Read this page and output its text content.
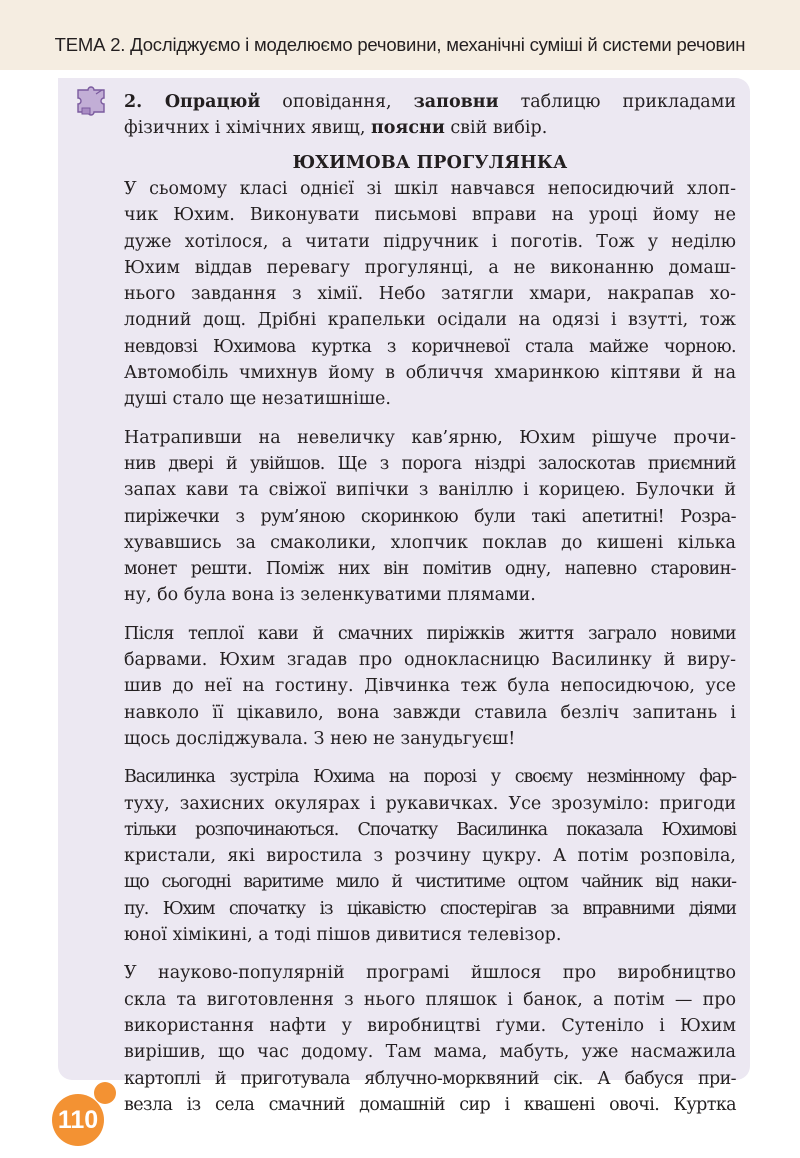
ТЕМА 2. Досліджуємо і моделюємо речовини, механічні суміші й системи речовин
2. Опрацюй оповідання, заповни таблицю прикладами
фізичних і хімічних явищ, поясни свій вибір.
ЮХИМОВА ПРОГУЛЯНКА
У сьомому класі однієї зі шкіл навчався непосидючий хлоп-
чик Юхим. Виконувати письмові вправи на уроці йому не
дуже хотілося, а читати підручник і поготів. Тож у неділю
Юхим віддав перевагу прогулянці, а не виконанню домаш-
нього завдання з хімії. Небо затягли хмари, накрапав хо-
лодний дощ. Дрібні крапельки осідали на одязі і взутті, тож
невдовзі Юхимова куртка з коричневої стала майже чорною.
Автомобіль чмихнув йому в обличчя хмаринкою кіптяви й на
душі стало ще незатишніше.
Натрапивши на невеличку кав’ярню, Юхим рішуче прочи-
нив двері й увійшов. Ще з порога ніздрі залоскотав приємний
запах кави та свіжої випічки з ваніллю і корицею. Булочки й
пиріжечки з рум’яною скоринкою були такі апетитні! Розра-
хувавшись за смаколики, хлопчик поклав до кишені кілька
монет решти. Поміж них він помітив одну, напевно старовин-
ну, бо була вона із зеленкуватими плямами.
Після теплої кави й смачних пиріжків життя заграло новими
барвами. Юхим згадав про однокласницю Василинку й виру-
шив до неї на гостину. Дівчинка теж була непосидючою, усе
навколо її цікавило, вона завжди ставила безліч запитань і
щось досліджувала. З нею не занудьгуєш!
Василинка зустріла Юхима на порозі у своєму незмінному фар-
туху, захисних окулярах і рукавичках. Усе зрозуміло: пригоди
тільки розпочинаються. Спочатку Василинка показала Юхимові
кристали, які виростила з розчину цукру. А потім розповіла,
що сьогодні варитиме мило й чиститиме оцтом чайник від наки-
пу. Юхим спочатку із цікавістю спостерігав за вправними діями
юної хімікині, а тоді пішов дивитися телевізор.
У науково-популярній програмі йшлося про виробництво
скла та виготовлення з нього пляшок і банок, а потім — про
використання нафти у виробництві ґуми. Сутеніло і Юхим
вирішив, що час додому. Там мама, мабуть, уже насмажила
картоплі й приготувала яблучно-морквяний сік. А бабуся при-
везла із села смачний домашній сир і квашені овочі. Куртка
110
